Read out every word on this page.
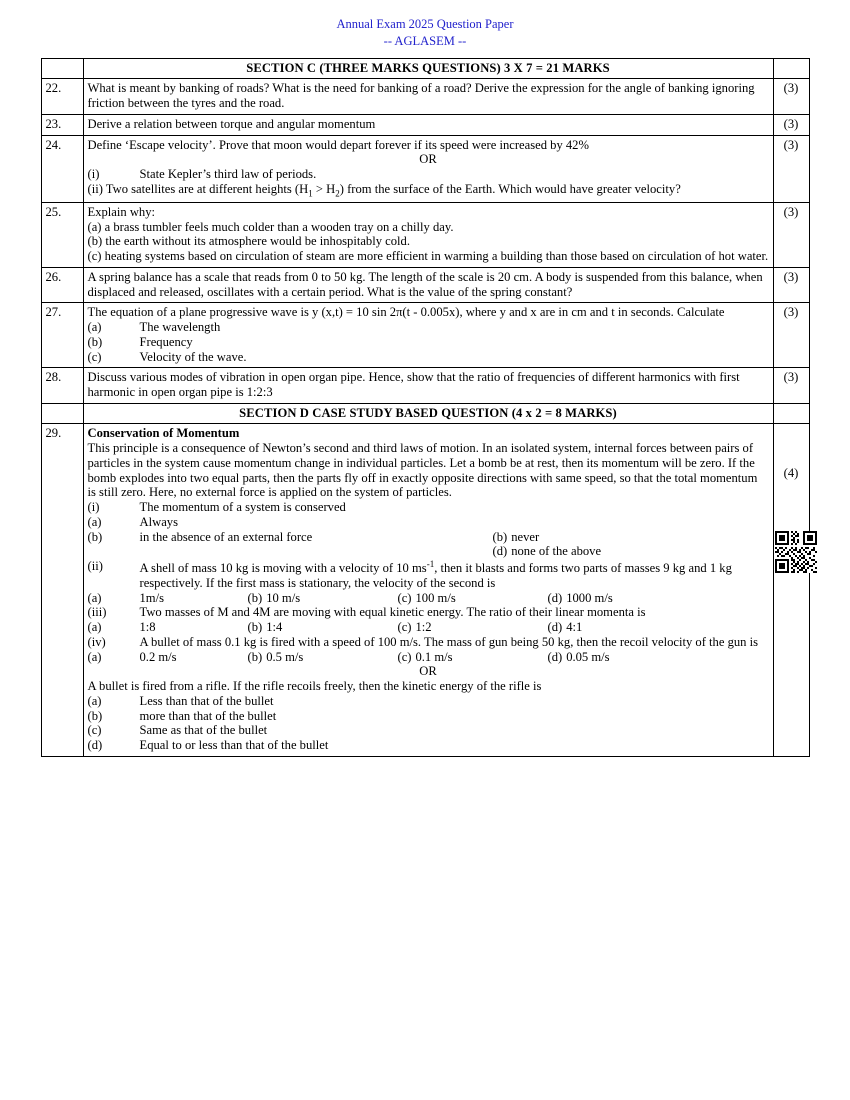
Annual Exam 2025 Question Paper
-- AGLASEM --
	SECTION C (THREE MARKS QUESTIONS) 3 X 7 = 21 MARKS	
22.	What is meant by banking of roads? What is the need for banking of a road? Derive the expression for the angle of banking ignoring friction between the tyres and the road.	(3)
23.	Derive a relation between torque and angular momentum	(3)
24.	Define ‘Escape velocity’. Prove that moon would depart forever if its speed were increased by 42%

OR

(i) State Kepler’s third law of periods.

(ii) Two satellites are at different heights $(H_1 > H_2)$ from the surface of the Earth. Which would have greater velocity?	(3)
25.	Explain why:

(a) a brass tumbler feels much colder than a wooden tray on a chilly day.

(b) the earth without its atmosphere would be inhospitably cold.

(c) heating systems based on circulation of steam are more efficient in warming a building than those based on circulation of hot water.	(3)
26.	A spring balance has a scale that reads from 0 to 50 kg. The length of the scale is 20 cm. A body is suspended from this balance, when displaced and released, oscillates with a certain period. What is the value of the spring constant?	(3)
27.	The equation of a plane progressive wave is y (x,t) = 10 sin 2π(t - 0.005x), where y and x are in cm and t in seconds. Calculate

(a)	The wavelength
(b)	Frequency
(c)	Velocity of the wave.
	(3)
28.	Discuss various modes of vibration in open organ pipe. Hence, show that the ratio of frequencies of different harmonics with first harmonic in open organ pipe is 1:2:3	(3)
	SECTION D CASE STUDY BASED QUESTION (4 x 2 = 8 MARKS)	
29.	Conservation of Momentum

This principle is a consequence of Newton’s second and third laws of motion. In an isolated system, internal forces between pairs of particles in the system cause momentum change in individual particles. Let a bomb be at rest, then its momentum will be zero. If the bomb explodes into two equal parts, then the parts fly off in exactly opposite directions with same speed, so that the total momentum is still zero. Here, no external force is applied on the system of particles.

(i)	The momentum of a system is conserved
(a)	Always
(b)	in the absence of an external force	(b) never
(d) none of the above
(ii)	A shell of mass 10 kg is moving with a velocity of 10 $ms^{-1}$, then it blasts and forms two parts of masses 9 kg and 1 kg respectively. If the first mass is stationary, the velocity of the second is
(a)	1m/s	(b) 10 m/s	(c) 100 m/s	(d) 1000 m/s
(iii)	Two masses of M and 4M are moving with equal kinetic energy. The ratio of their linear momenta is
(a)	1:8	(b) 1:4	(c) 1:2	(d) 4:1
(iv)	A bullet of mass 0.1 kg is fired with a speed of 100 m/s. The mass of gun being 50 kg, then the recoil velocity of the gun is
(a)	0.2 m/s	(b) 0.5 m/s	(c) 0.1 m/s	(d) 0.05 m/s

OR

A bullet is fired from a rifle. If the rifle recoils freely, then the kinetic energy of the rifle is

(a)	Less than that of the bullet
(b)	more than that of the bullet
(c)	Same as that of the bullet
(d)	Equal to or less than that of the bullet

(4)
